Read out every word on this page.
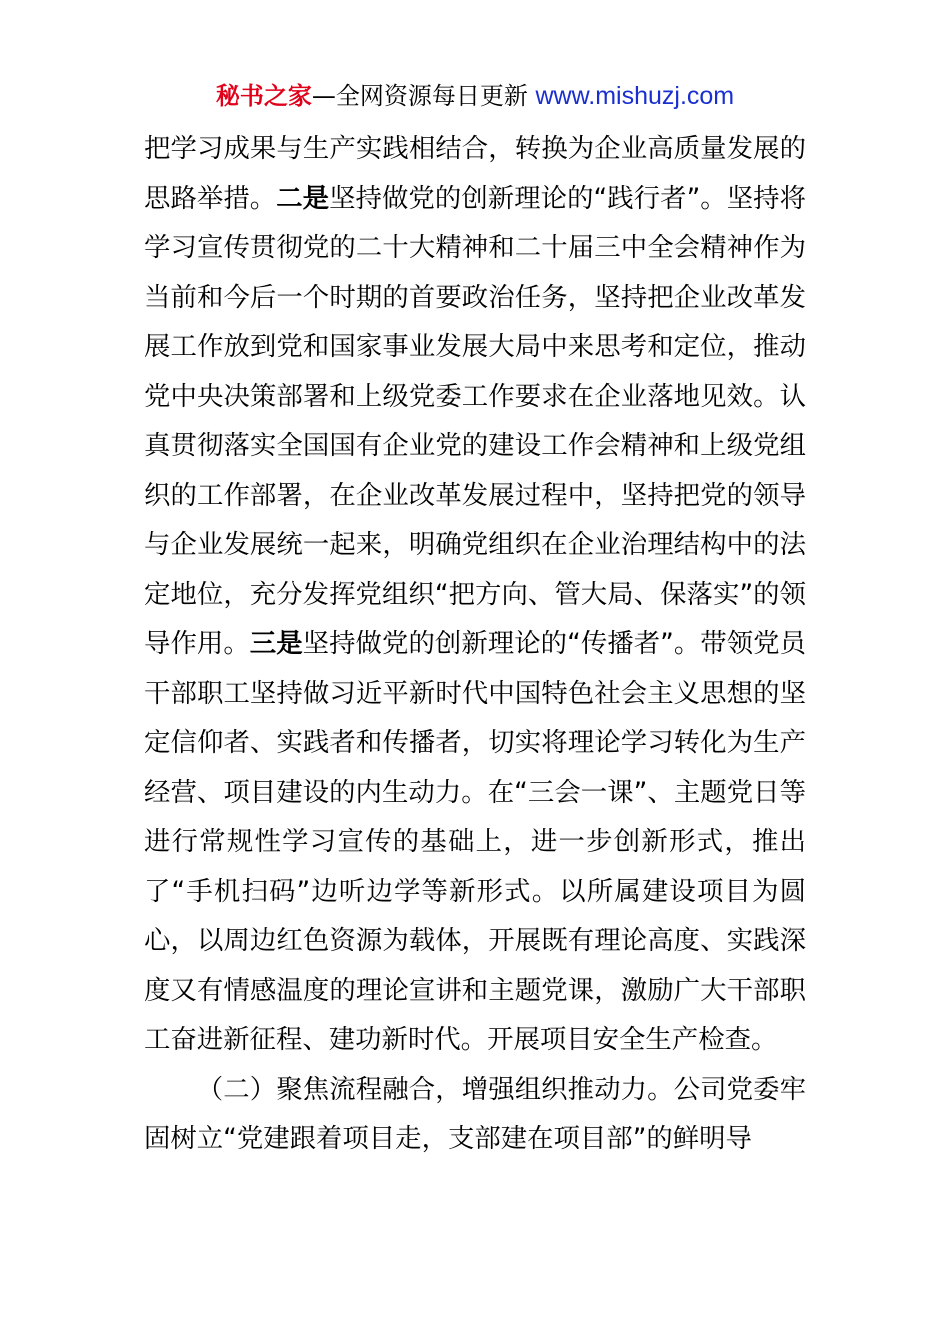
秘书之家—全网资源每日更新 www.mishuzj.com

把学习成果与生产实践相结合，转换为企业高质量发展的思路举措。二是坚持做党的创新理论的“践行者”。坚持将学习宣传贯彻党的二十大精神和二十届三中全会精神作为当前和今后一个时期的首要政治任务，坚持把企业改革发展工作放到党和国家事业发展大局中来思考和定位，推动党中央决策部署和上级党委工作要求在企业落地见效。认真贯彻落实全国国有企业党的建设工作会精神和上级党组织的工作部署，在企业改革发展过程中，坚持把党的领导与企业发展统一起来，明确党组织在企业治理结构中的法定地位，充分发挥党组织“把方向、管大局、保落实”的领导作用。三是坚持做党的创新理论的“传播者”。带领党员干部职工坚持做习近平新时代中国特色社会主义思想的坚定信仰者、实践者和传播者，切实将理论学习转化为生产经营、项目建设的内生动力。在“三会一课”、主题党日等进行常规性学习宣传的基础上，进一步创新形式，推出了“手机扫码”边听边学等新形式。以所属建设项目为圆心，以周边红色资源为载体，开展既有理论高度、实践深度又有情感温度的理论宣讲和主题党课，激励广大干部职工奋进新征程、建功新时代。开展项目安全生产检查。

（二）聚焦流程融合，增强组织推动力。公司党委牢固树立“党建跟着项目走，支部建在项目部”的鲜明导
